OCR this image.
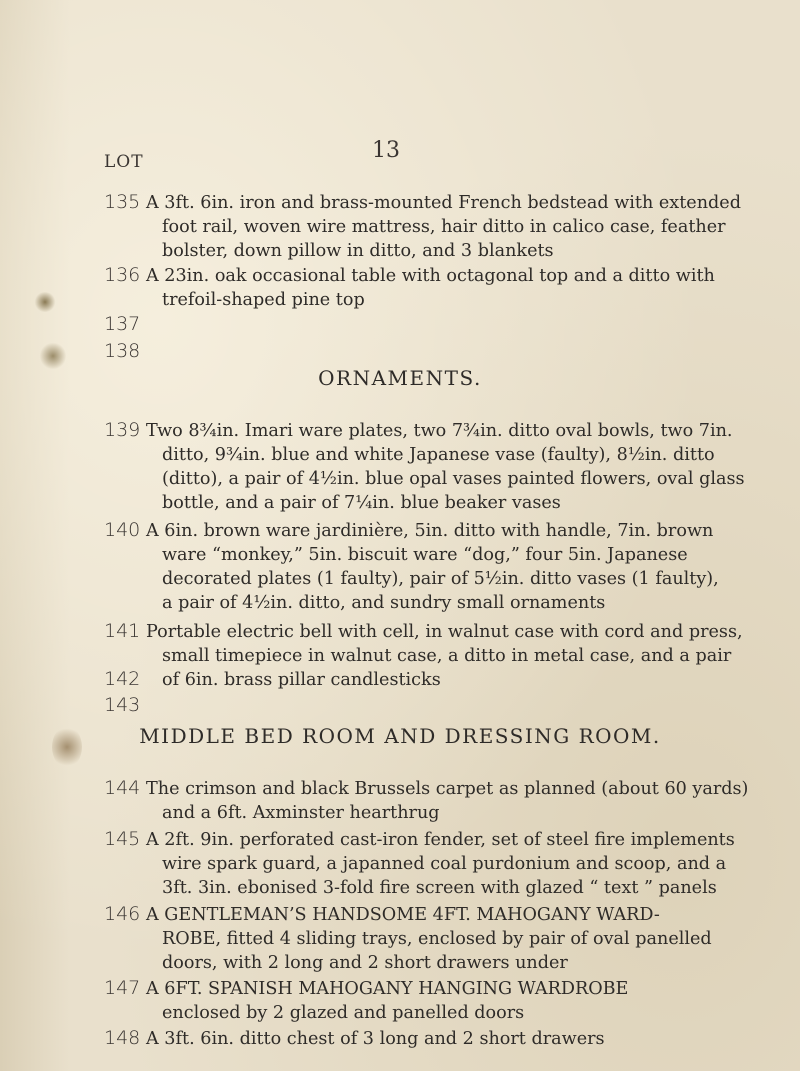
13
LOT
135 A 3ft. 6in. iron and brass-mounted French bedstead with extended
foot rail, woven wire mattress, hair ditto in calico case, feather
bolster, down pillow in ditto, and 3 blankets
136 A 23in. oak occasional table with octagonal top and a ditto with
trefoil-shaped pine top
137
138
ORNAMENTS.
139 Two 8¾in. Imari ware plates, two 7¾in. ditto oval bowls, two 7in.
ditto, 9¾in. blue and white Japanese vase (faulty), 8½in. ditto
(ditto), a pair of 4½in. blue opal vases painted flowers, oval glass
bottle, and a pair of 7¼in. blue beaker vases
140 A 6in. brown ware jardinière, 5in. ditto with handle, 7in. brown
ware “monkey,” 5in. biscuit ware “dog,” four 5in. Japanese
decorated plates (1 faulty), pair of 5½in. ditto vases (1 faulty),
a pair of 4½in. ditto, and sundry small ornaments
141 Portable electric bell with cell, in walnut case with cord and press,
small timepiece in walnut case, a ditto in metal case, and a pair
of 6in. brass pillar candlesticks
142
143
MIDDLE BED ROOM AND DRESSING ROOM.
144 The crimson and black Brussels carpet as planned (about 60 yards)
and a 6ft. Axminster hearthrug
145 A 2ft. 9in. perforated cast-iron fender, set of steel fire implements
wire spark guard, a japanned coal purdonium and scoop, and a
3ft. 3in. ebonised 3-fold fire screen with glazed “ text ” panels
146 A GENTLEMAN’S HANDSOME 4FT. MAHOGANY WARD-
ROBE, fitted 4 sliding trays, enclosed by pair of oval panelled
doors, with 2 long and 2 short drawers under
147 A 6FT. SPANISH MAHOGANY HANGING WARDROBE
enclosed by 2 glazed and panelled doors
148 A 3ft. 6in. ditto chest of 3 long and 2 short drawers
